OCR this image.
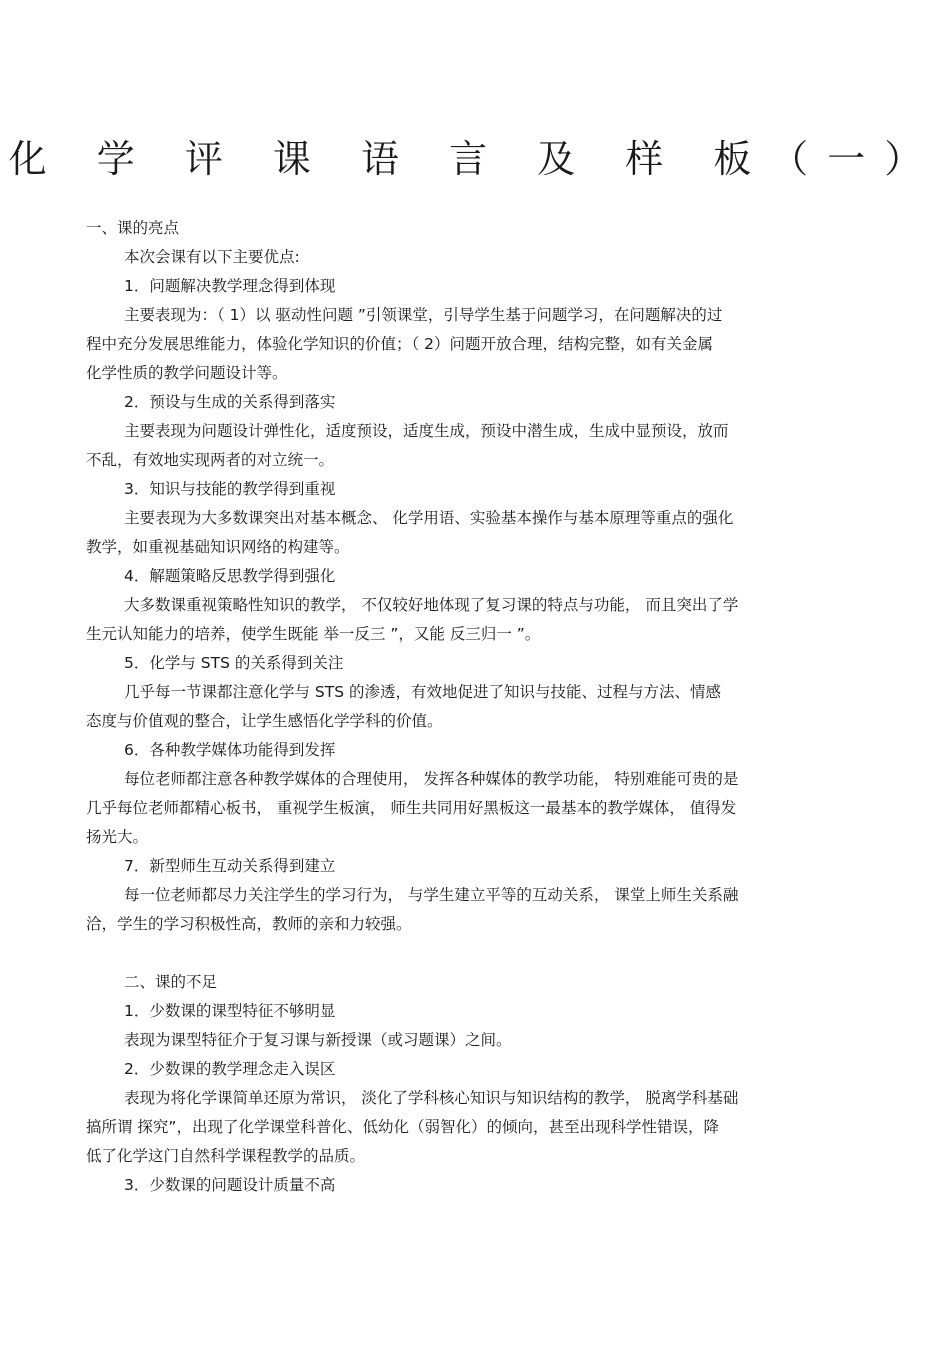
化 学 评 课 语 言 及 样 板（一）

一、课的亮点

本次会课有以下主要优点:

1．问题解决教学理念得到体现

主要表现为：（ 1）以 驱动性问题 ”引领课堂，引导学生基于问题学习，在问题解决的过

程中充分发展思维能力，体验化学知识的价值；（ 2）问题开放合理，结构完整，如有关金属

化学性质的教学问题设计等。

2．预设与生成的关系得到落实

主要表现为问题设计弹性化，适度预设，适度生成，预设中潜生成，生成中显预设，放而

不乱，有效地实现两者的对立统一。

3．知识与技能的教学得到重视

主要表现为大多数课突出对基本概念、 化学用语、实验基本操作与基本原理等重点的强化

教学，如重视基础知识网络的构建等。

4．解题策略反思教学得到强化

大多数课重视策略性知识的教学， 不仅较好地体现了复习课的特点与功能， 而且突出了学

生元认知能力的培养，使学生既能 举一反三 ”，又能 反三归一 ”。

5．化学与 STS 的关系得到关注

几乎每一节课都注意化学与 STS 的渗透，有效地促进了知识与技能、过程与方法、情感

态度与价值观的整合，让学生感悟化学学科的价值。

6．各种教学媒体功能得到发挥

每位老师都注意各种教学媒体的合理使用， 发挥各种媒体的教学功能， 特别难能可贵的是

几乎每位老师都精心板书， 重视学生板演， 师生共同用好黑板这一最基本的教学媒体， 值得发

扬光大。

7．新型师生互动关系得到建立

每一位老师都尽力关注学生的学习行为， 与学生建立平等的互动关系， 课堂上师生关系融

洽，学生的学习积极性高，教师的亲和力较强。

二、课的不足

1．少数课的课型特征不够明显

表现为课型特征介于复习课与新授课（或习题课）之间。

2．少数课的教学理念走入误区

表现为将化学课简单还原为常识， 淡化了学科核心知识与知识结构的教学， 脱离学科基础

搞所谓 探究”，出现了化学课堂科普化、低幼化（弱智化）的倾向，甚至出现科学性错误，降

低了化学这门自然科学课程教学的品质。

3．少数课的问题设计质量不高
